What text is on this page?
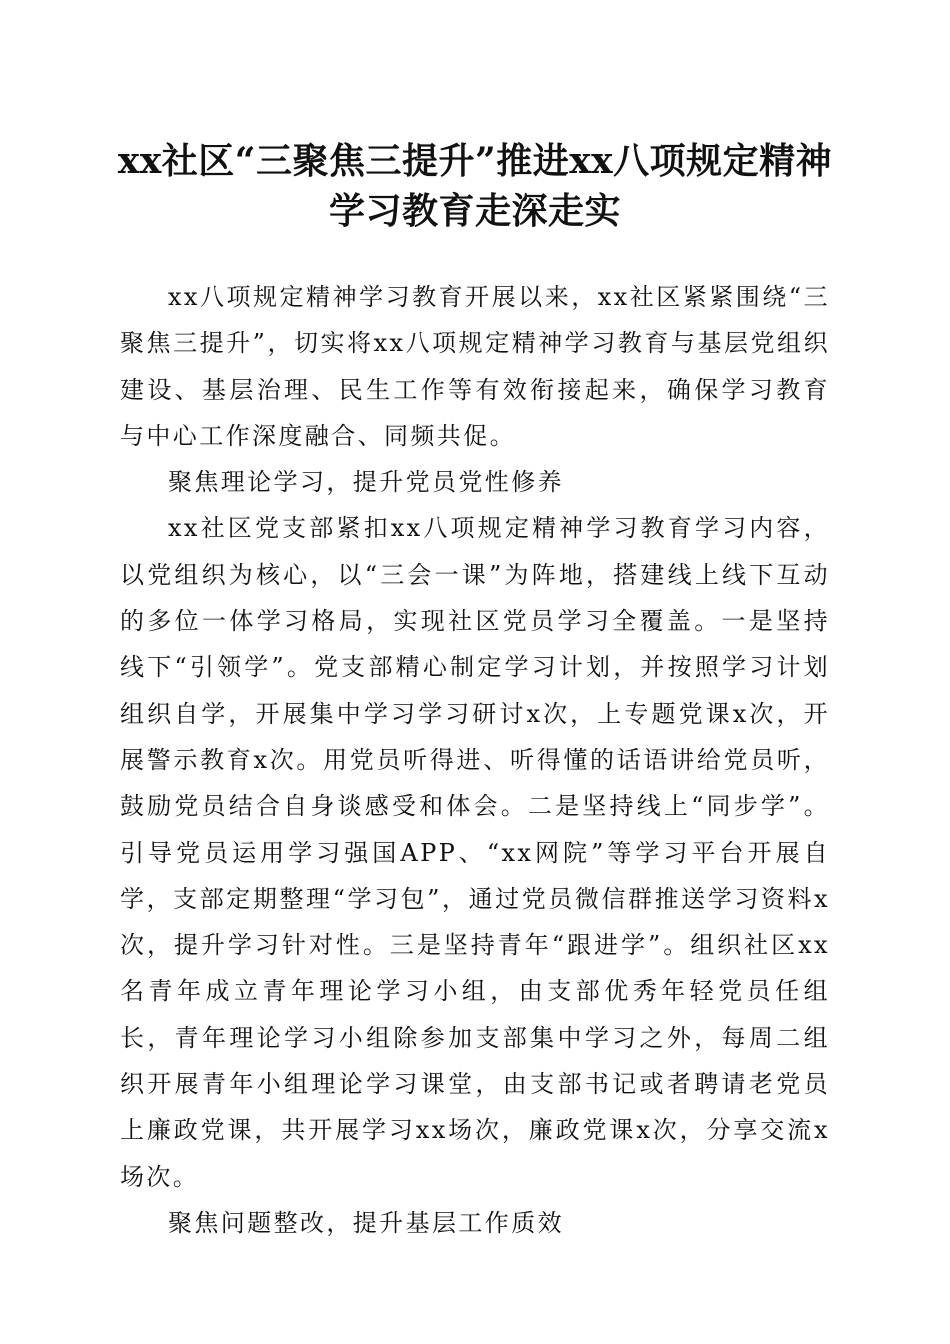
xx社区“三聚焦三提升”推进xx八项规定精神学习教育走深走实

xx八项规定精神学习教育开展以来，xx社区紧紧围绕“三聚焦三提升”，切实将xx八项规定精神学习教育与基层党组织建设、基层治理、民生工作等有效衔接起来，确保学习教育与中心工作深度融合、同频共促。

聚焦理论学习，提升党员党性修养

xx社区党支部紧扣xx八项规定精神学习教育学习内容，以党组织为核心，以“三会一课”为阵地，搭建线上线下互动的多位一体学习格局，实现社区党员学习全覆盖。一是坚持线下“引领学”。党支部精心制定学习计划，并按照学习计划组织自学，开展集中学习学习研讨x次，上专题党课x次，开展警示教育x次。用党员听得进、听得懂的话语讲给党员听，鼓励党员结合自身谈感受和体会。二是坚持线上“同步学”。引导党员运用学习强国APP、“xx网院”等学习平台开展自学，支部定期整理“学习包”，通过党员微信群推送学习资料x次，提升学习针对性。三是坚持青年“跟进学”。组织社区xx名青年成立青年理论学习小组，由支部优秀年轻党员任组长，青年理论学习小组除参加支部集中学习之外，每周二组织开展青年小组理论学习课堂，由支部书记或者聘请老党员上廉政党课，共开展学习xx场次，廉政党课x次，分享交流x场次。

聚焦问题整改，提升基层工作质效
